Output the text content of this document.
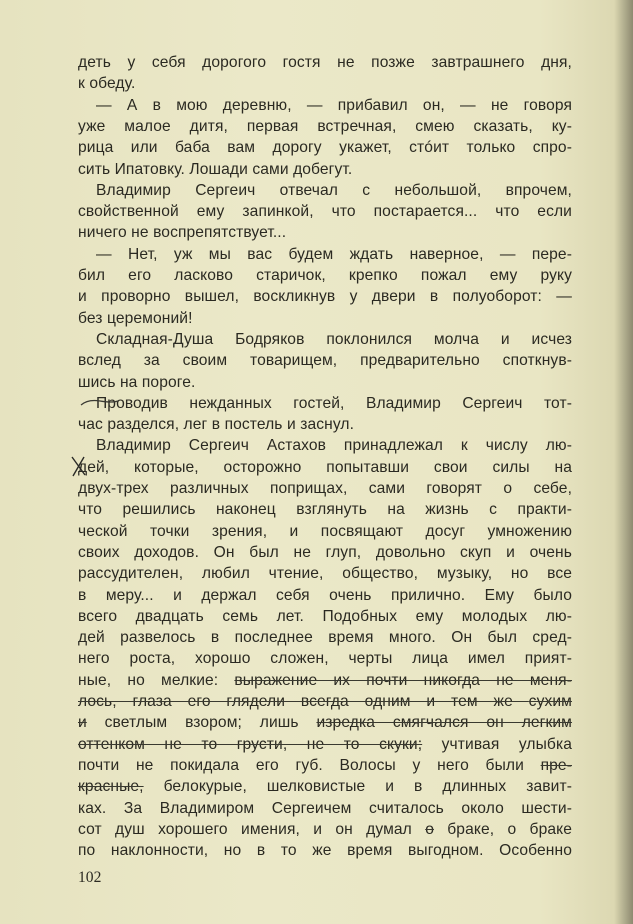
деть у себя дорогого гостя не позже завтрашнего дня,
к обеду.
— А в мою деревню, — прибавил он, — не говоря
уже малое дитя, первая встречная, смею сказать, ку-
рица или баба вам дорогу укажет, стóит только спро-
сить Ипатовку. Лошади сами добегут.
Владимир Сергеич отвечал с небольшой, впрочем,
свойственной ему запинкой, что постарается... что если
ничего не воспрепятствует...
— Нет, уж мы вас будем ждать наверное, — пере-
бил его ласково старичок, крепко пожал ему руку
и проворно вышел, воскликнув у двери в полуоборот: —
без церемоний!
Складная-Душа Бодряков поклонился молча и исчез
вслед за своим товарищем, предварительно споткнув-
шись на пороге.
Проводив нежданных гостей, Владимир Сергеич тот-
час разделся, лег в постель и заснул.
Владимир Сергеич Астахов принадлежал к числу лю-
дей, которые, осторожно попытавши свои силы на
двух-трех различных поприщах, сами говорят о себе,
что решились наконец взглянуть на жизнь с практи-
ческой точки зрения, и посвящают досуг умножению
своих доходов. Он был не глуп, довольно скуп и очень
рассудителен, любил чтение, общество, музыку, но все
в меру... и держал себя очень прилично. Ему было
всего двадцать семь лет. Подобных ему молодых лю-
дей развелось в последнее время много. Он был сред-
него роста, хорошо сложен, черты лица имел прият-
ные, но мелкие: выражение их почти никогда не меня-
лось, глаза его глядели всегда одним и тем же сухим
и светлым взором; лишь изредка смягчался он легким
оттенком не то грусти, не то скуки; учтивая улыбка
почти не покидала его губ. Волосы у него были пре-
красные, белокурые, шелковистые и в длинных завит-
ках. За Владимиром Сергеичем считалось около шести-
сот душ хорошего имения, и он думал о браке, о браке
по наклонности, но в то же время выгодном. Особенно
102
